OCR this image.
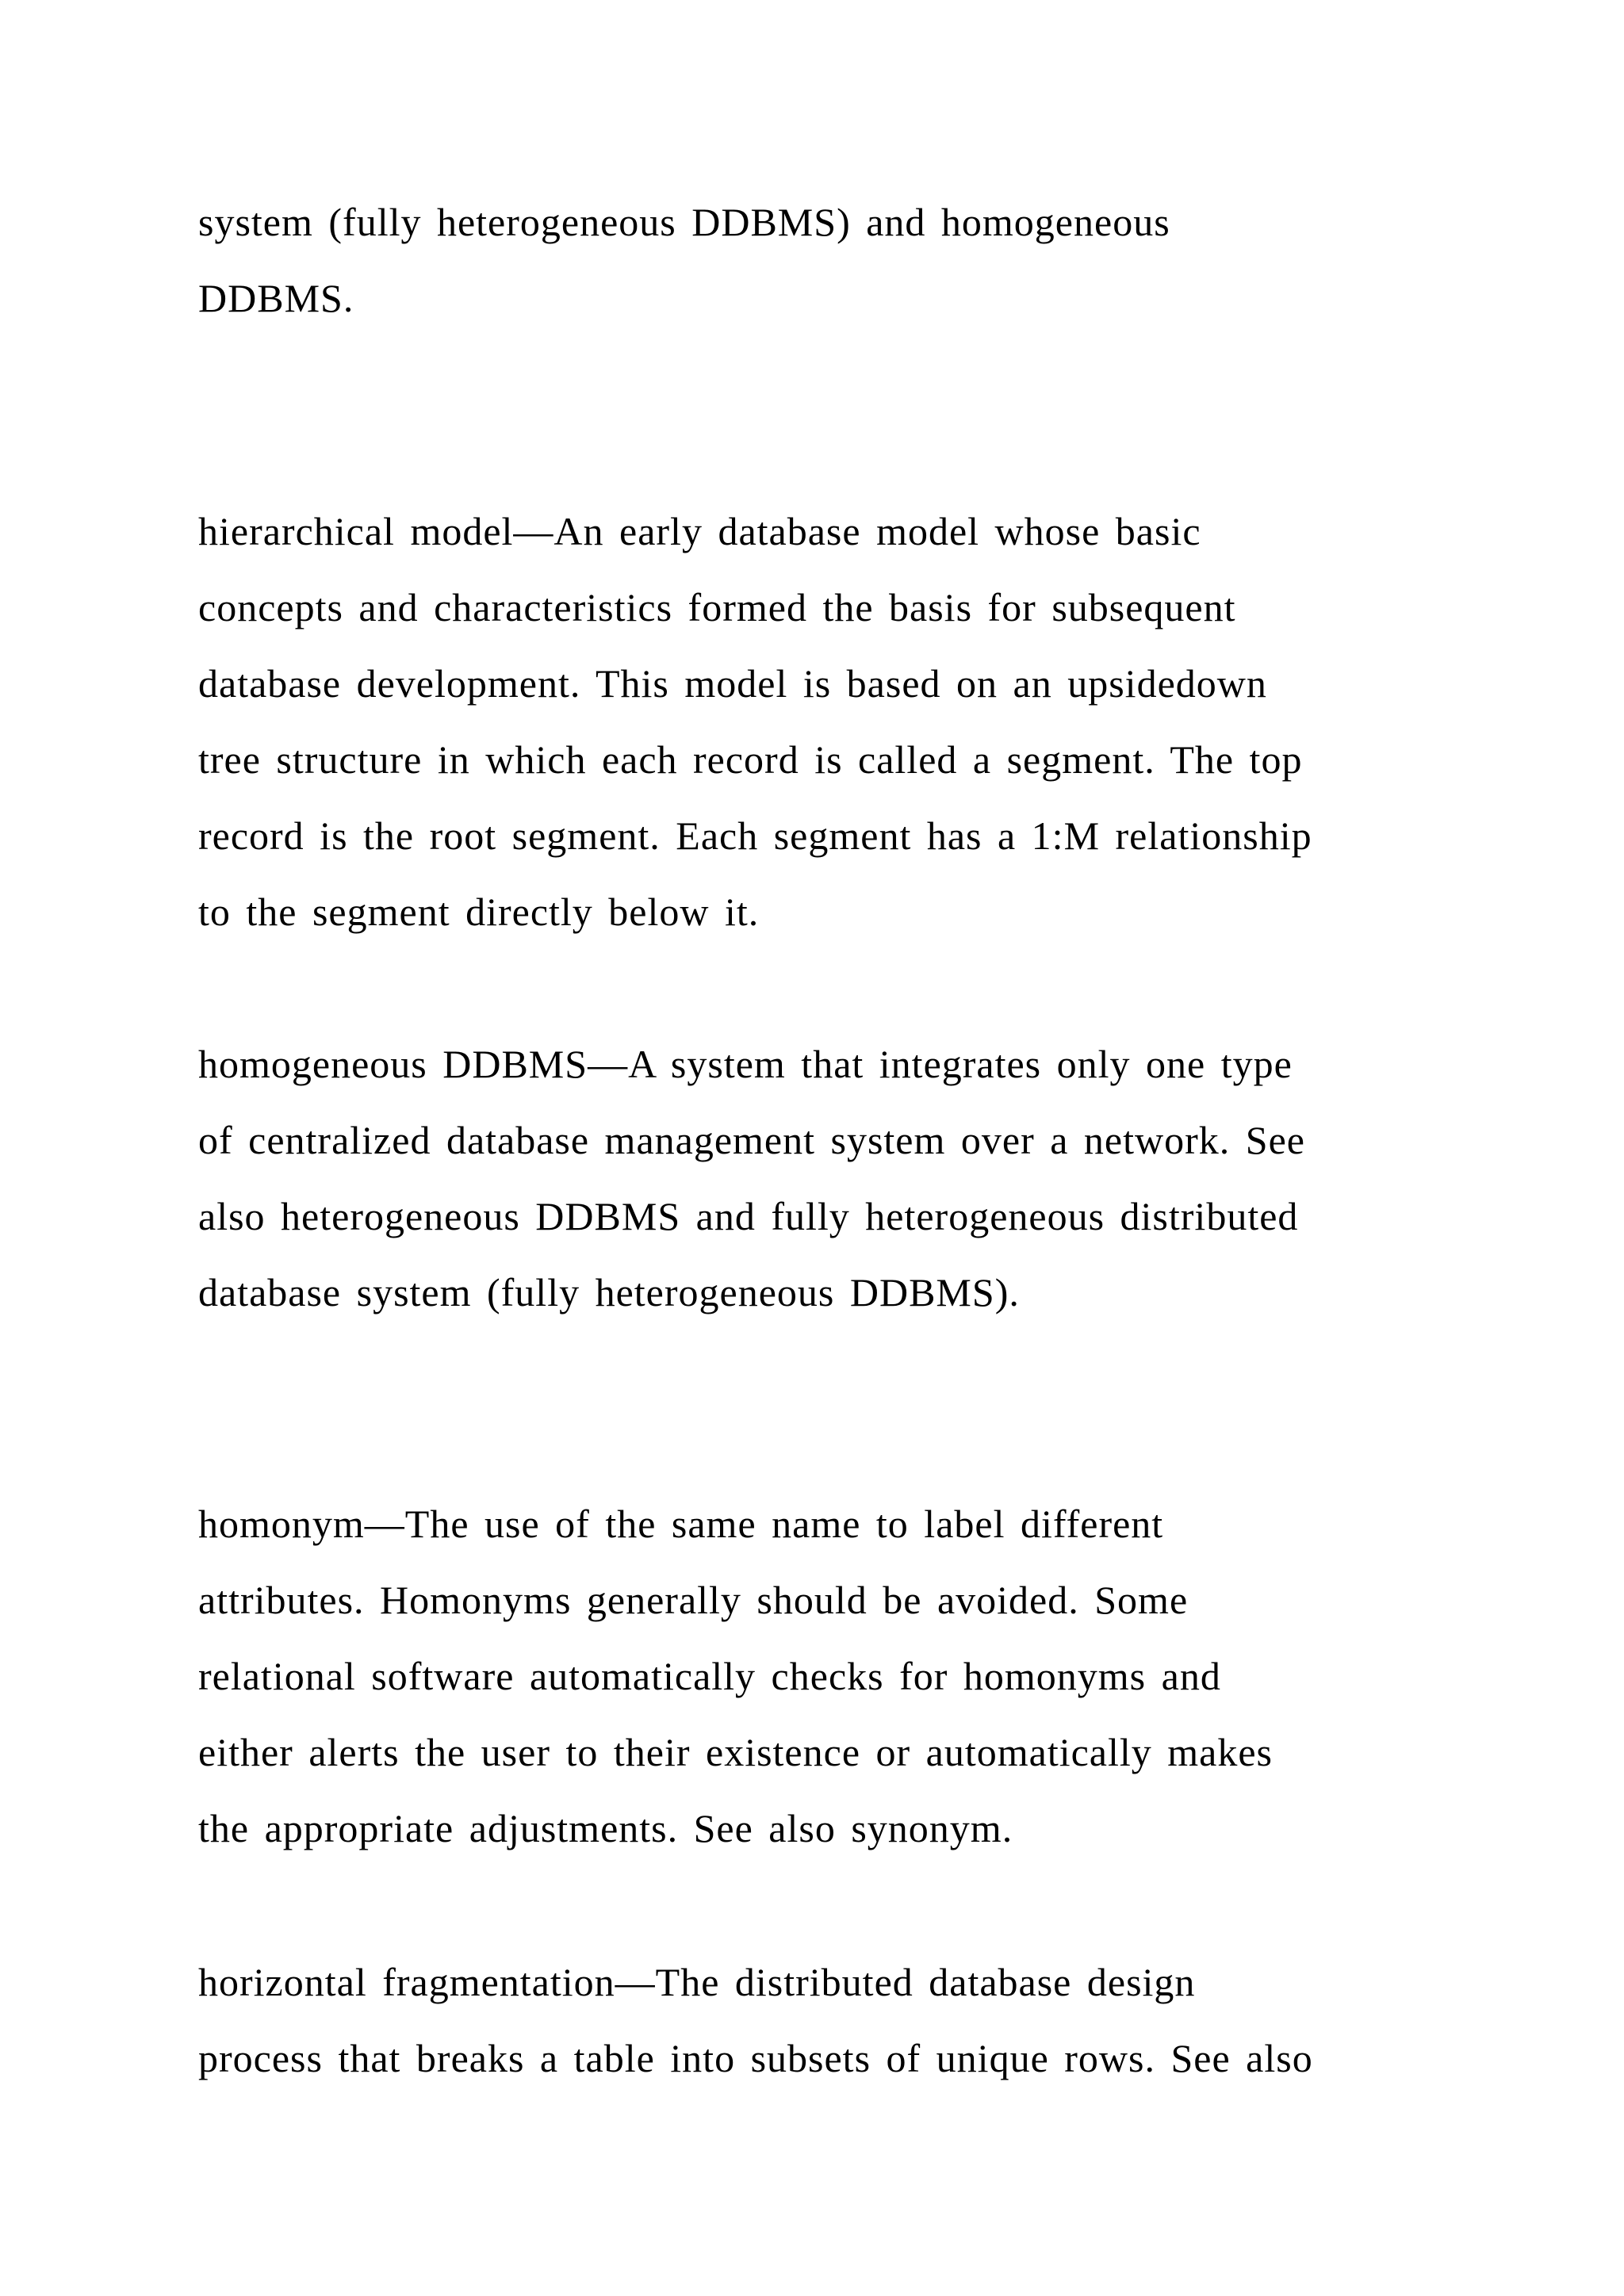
system (fully heterogeneous DDBMS) and homogeneous

DDBMS.

hierarchical model—An early database model whose basic

concepts and characteristics formed the basis for subsequent

database development. This model is based on an upsidedown

tree structure in which each record is called a segment. The top

record is the root segment. Each segment has a 1:M relationship

to the segment directly below it.

homogeneous DDBMS—A system that integrates only one type

of centralized database management system over a network. See

also heterogeneous DDBMS and fully heterogeneous distributed

database system (fully heterogeneous DDBMS).

homonym—The use of the same name to label different

attributes. Homonyms generally should be avoided. Some

relational software automatically checks for homonyms and

either alerts the user to their existence or automatically makes

the appropriate adjustments. See also synonym.

horizontal fragmentation—The distributed database design

process that breaks a table into subsets of unique rows. See also
